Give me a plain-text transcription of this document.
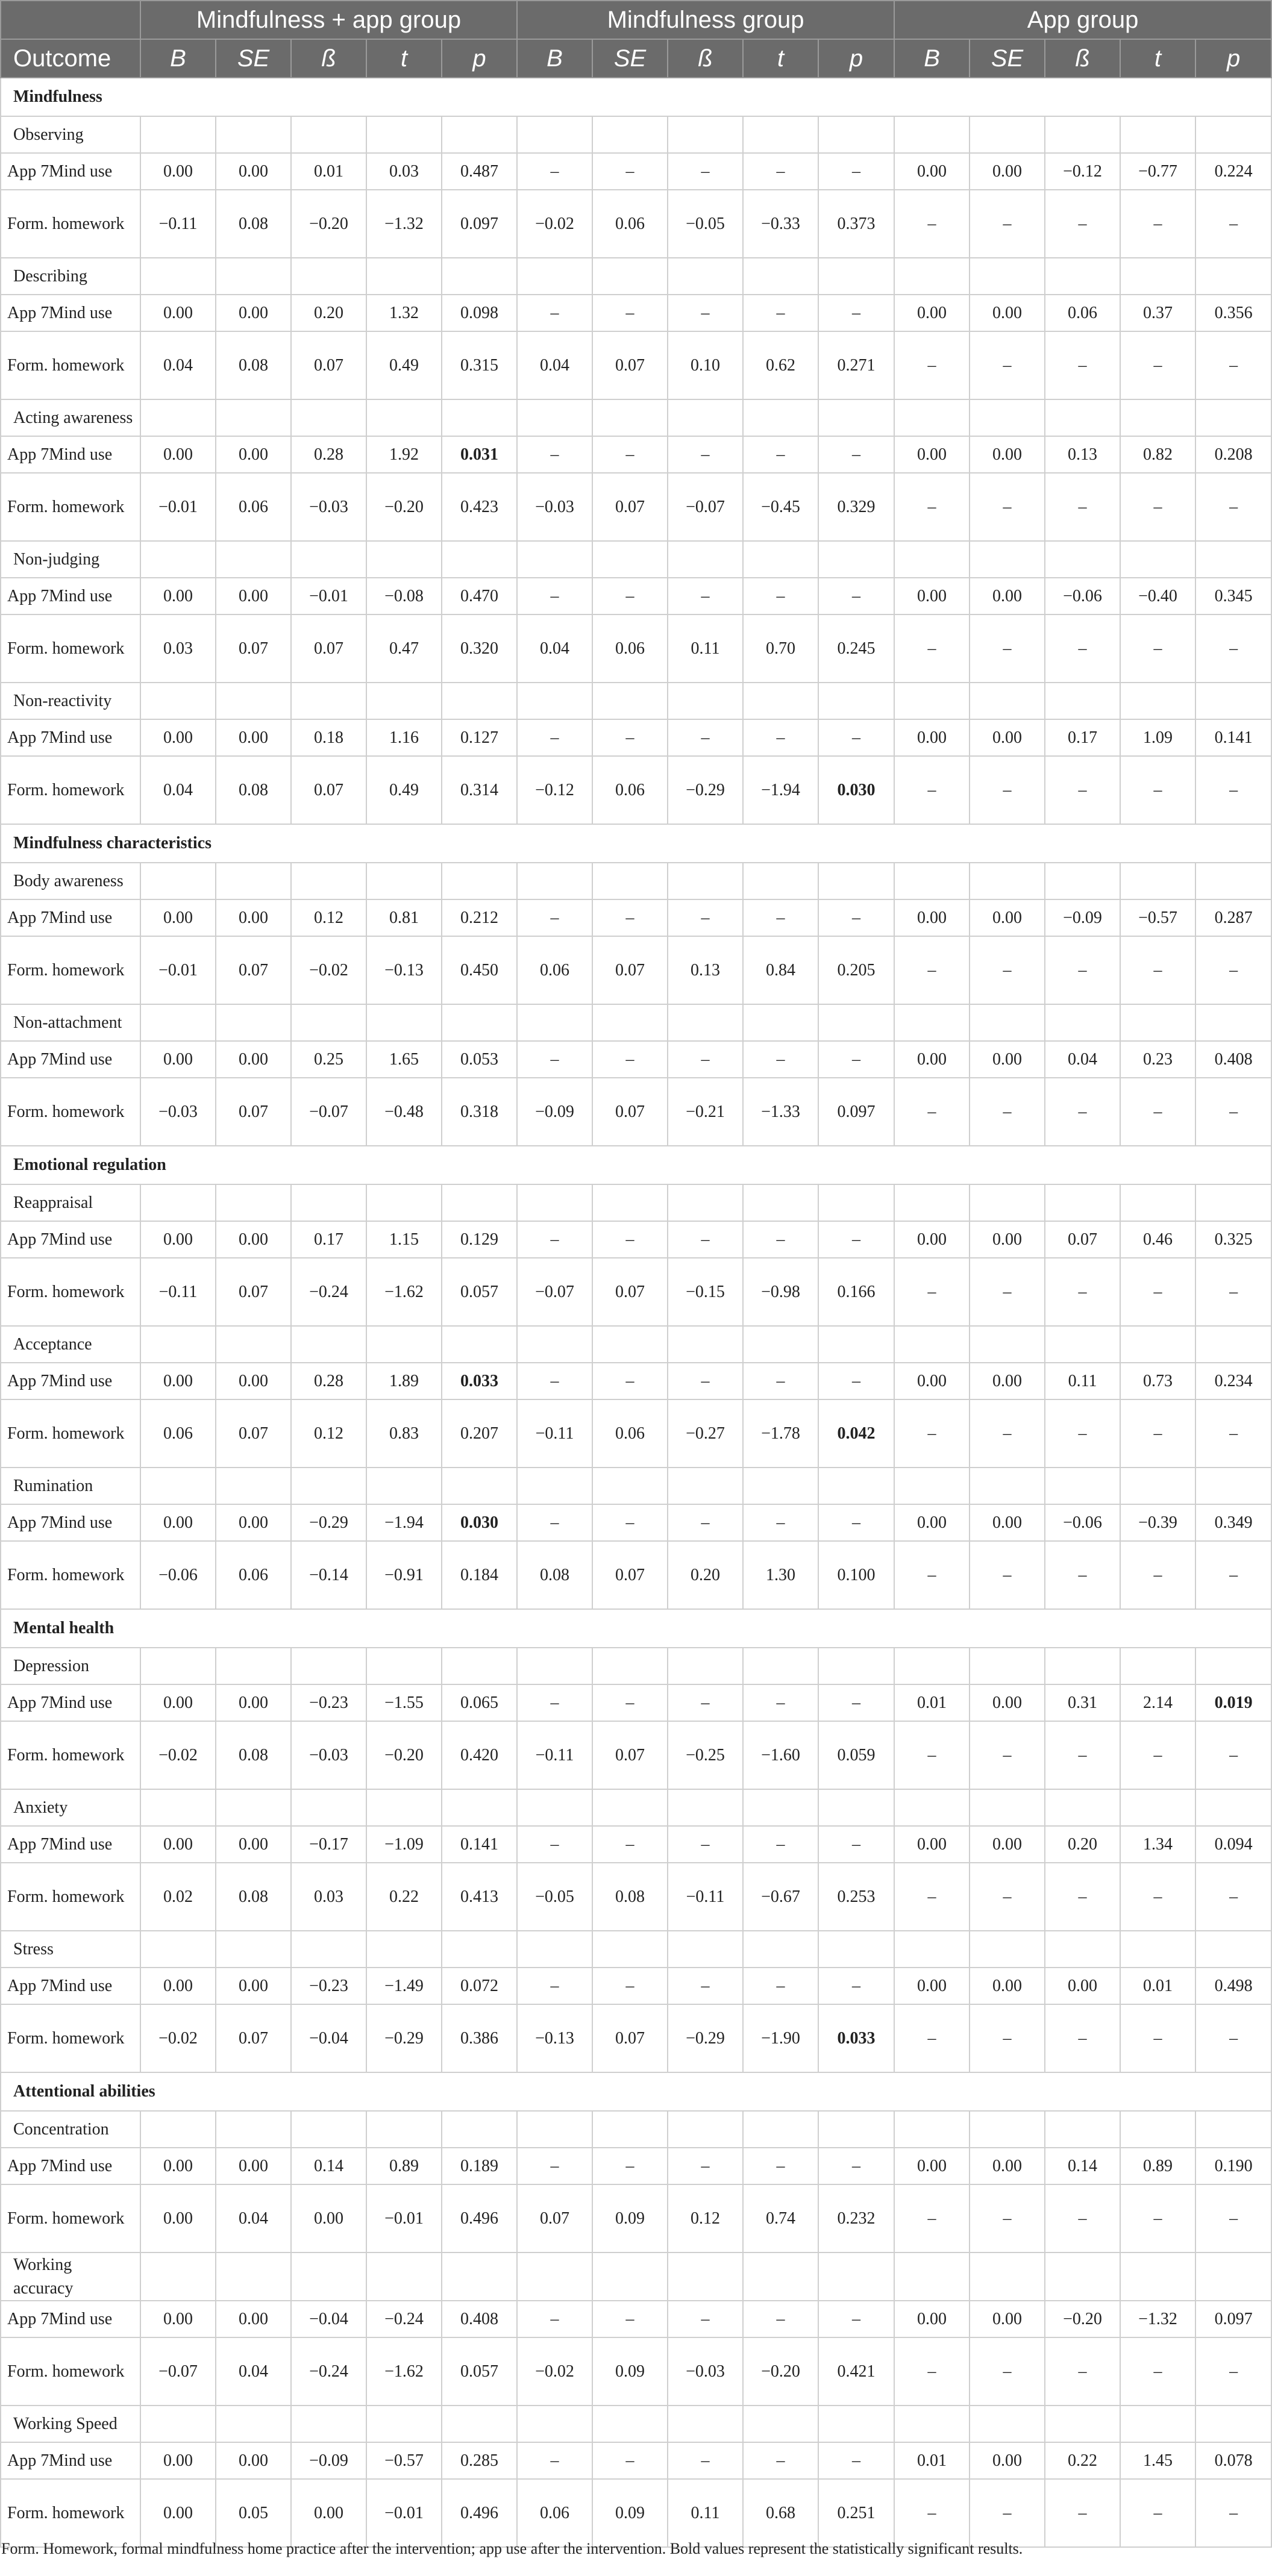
	Mindfulness + app group					Mindfulness group					App group				
Outcome	B	SE	ß	t	p	B	SE	ß	t	p	B	SE	ß	t	p
Mindfulness															
Observing															
App 7Mind use	0.00	0.00	0.01	0.03	0.487	–	–	–	–	–	0.00	0.00	−0.12	−0.77	0.224
Form. homework	−0.11	0.08	−0.20	−1.32	0.097	−0.02	0.06	−0.05	−0.33	0.373	–	–	–	–	–
Describing															
App 7Mind use	0.00	0.00	0.20	1.32	0.098	–	–	–	–	–	0.00	0.00	0.06	0.37	0.356
Form. homework	0.04	0.08	0.07	0.49	0.315	0.04	0.07	0.10	0.62	0.271	–	–	–	–	–
Acting awareness															
App 7Mind use	0.00	0.00	0.28	1.92	0.031	–	–	–	–	–	0.00	0.00	0.13	0.82	0.208
Form. homework	−0.01	0.06	−0.03	−0.20	0.423	−0.03	0.07	−0.07	−0.45	0.329	–	–	–	–	–
Non-judging															
App 7Mind use	0.00	0.00	−0.01	−0.08	0.470	–	–	–	–	–	0.00	0.00	−0.06	−0.40	0.345
Form. homework	0.03	0.07	0.07	0.47	0.320	0.04	0.06	0.11	0.70	0.245	–	–	–	–	–
Non-reactivity															
App 7Mind use	0.00	0.00	0.18	1.16	0.127	–	–	–	–	–	0.00	0.00	0.17	1.09	0.141
Form. homework	0.04	0.08	0.07	0.49	0.314	−0.12	0.06	−0.29	−1.94	0.030	–	–	–	–	–
Mindfulness characteristics															
Body awareness															
App 7Mind use	0.00	0.00	0.12	0.81	0.212	–	–	–	–	–	0.00	0.00	−0.09	−0.57	0.287
Form. homework	−0.01	0.07	−0.02	−0.13	0.450	0.06	0.07	0.13	0.84	0.205	–	–	–	–	–
Non-attachment															
App 7Mind use	0.00	0.00	0.25	1.65	0.053	–	–	–	–	–	0.00	0.00	0.04	0.23	0.408
Form. homework	−0.03	0.07	−0.07	−0.48	0.318	−0.09	0.07	−0.21	−1.33	0.097	–	–	–	–	–
Emotional regulation															
Reappraisal															
App 7Mind use	0.00	0.00	0.17	1.15	0.129	–	–	–	–	–	0.00	0.00	0.07	0.46	0.325
Form. homework	−0.11	0.07	−0.24	−1.62	0.057	−0.07	0.07	−0.15	−0.98	0.166	–	–	–	–	–
Acceptance															
App 7Mind use	0.00	0.00	0.28	1.89	0.033	–	–	–	–	–	0.00	0.00	0.11	0.73	0.234
Form. homework	0.06	0.07	0.12	0.83	0.207	−0.11	0.06	−0.27	−1.78	0.042	–	–	–	–	–
Rumination															
App 7Mind use	0.00	0.00	−0.29	−1.94	0.030	–	–	–	–	–	0.00	0.00	−0.06	−0.39	0.349
Form. homework	−0.06	0.06	−0.14	−0.91	0.184	0.08	0.07	0.20	1.30	0.100	–	–	–	–	–
Mental health															
Depression															
App 7Mind use	0.00	0.00	−0.23	−1.55	0.065	–	–	–	–	–	0.01	0.00	0.31	2.14	0.019
Form. homework	−0.02	0.08	−0.03	−0.20	0.420	−0.11	0.07	−0.25	−1.60	0.059	–	–	–	–	–
Anxiety															
App 7Mind use	0.00	0.00	−0.17	−1.09	0.141	–	–	–	–	–	0.00	0.00	0.20	1.34	0.094
Form. homework	0.02	0.08	0.03	0.22	0.413	−0.05	0.08	−0.11	−0.67	0.253	–	–	–	–	–
Stress															
App 7Mind use	0.00	0.00	−0.23	−1.49	0.072	–	–	–	–	–	0.00	0.00	0.00	0.01	0.498
Form. homework	−0.02	0.07	−0.04	−0.29	0.386	−0.13	0.07	−0.29	−1.90	0.033	–	–	–	–	–
Attentional abilities															
Concentration															
App 7Mind use	0.00	0.00	0.14	0.89	0.189	–	–	–	–	–	0.00	0.00	0.14	0.89	0.190
Form. homework	0.00	0.04	0.00	−0.01	0.496	0.07	0.09	0.12	0.74	0.232	–	–	–	–	–
Working accuracy															
App 7Mind use	0.00	0.00	−0.04	−0.24	0.408	–	–	–	–	–	0.00	0.00	−0.20	−1.32	0.097
Form. homework	−0.07	0.04	−0.24	−1.62	0.057	−0.02	0.09	−0.03	−0.20	0.421	–	–	–	–	–
Working Speed															
App 7Mind use	0.00	0.00	−0.09	−0.57	0.285	–	–	–	–	–	0.01	0.00	0.22	1.45	0.078
Form. homework	0.00	0.05	0.00	−0.01	0.496	0.06	0.09	0.11	0.68	0.251	–	–	–	–	–
Form. Homework, formal mindfulness home practice after the intervention; app use after the intervention. Bold values represent the statistically significant results.
